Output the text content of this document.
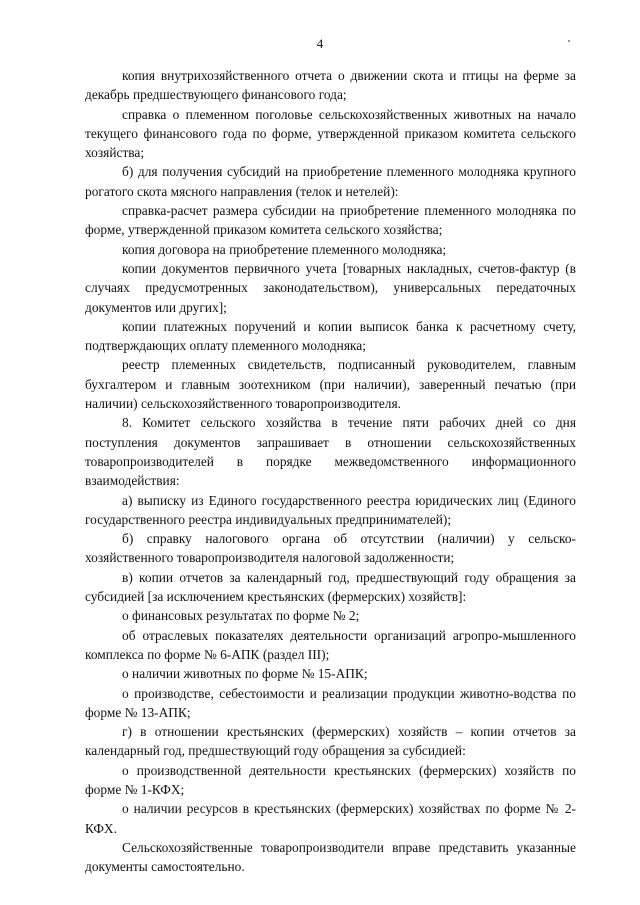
4

копия внутрихозяйственного отчета о движении скота и птицы на ферме за декабрь предшествующего финансового года;

справка о племенном поголовье сельскохозяйственных животных на начало текущего финансового года по форме, утвержденной приказом комитета сельского хозяйства;

б) для получения субсидий на приобретение племенного молодняка крупного рогатого скота мясного направления (телок и нетелей):

справка-расчет размера субсидии на приобретение племенного молодняка по форме, утвержденной приказом комитета сельского хозяйства;

копия договора на приобретение племенного молодняка;

копии документов первичного учета [товарных накладных, счетов-фактур (в случаях предусмотренных законодательством), универсальных передаточных документов или других];

копии платежных поручений и копии выписок банка к расчетному счету, подтверждающих оплату племенного молодняка;

реестр племенных свидетельств, подписанный руководителем, главным бухгалтером и главным зоотехником (при наличии), заверенный печатью (при наличии) сельскохозяйственного товаропроизводителя.

8. Комитет сельского хозяйства в течение пяти рабочих дней со дня поступления документов запрашивает в отношении сельскохозяйственных товаропроизводителей в порядке межведомственного информационного взаимодействия:

а) выписку из Единого государственного реестра юридических лиц (Единого государственного реестра индивидуальных предпринимателей);

б) справку налогового органа об отсутствии (наличии) у сельско-хозяйственного товаропроизводителя налоговой задолженности;

в) копии отчетов за календарный год, предшествующий году обращения за субсидией [за исключением крестьянских (фермерских) хозяйств]:

о финансовых результатах по форме № 2;

об отраслевых показателях деятельности организаций агропро-мышленного комплекса по форме № 6-АПК (раздел III);

о наличии животных по форме № 15-АПК;

о производстве, себестоимости и реализации продукции животно-водства по форме № 13-АПК;

г) в отношении крестьянских (фермерских) хозяйств – копии отчетов за календарный год, предшествующий году обращения за субсидией:

о производственной деятельности крестьянских (фермерских) хозяйств по форме № 1-КФХ;

о наличии ресурсов в крестьянских (фермерских) хозяйствах по форме № 2-КФХ.

Сельскохозяйственные товаропроизводители вправе представить указанные документы самостоятельно.
